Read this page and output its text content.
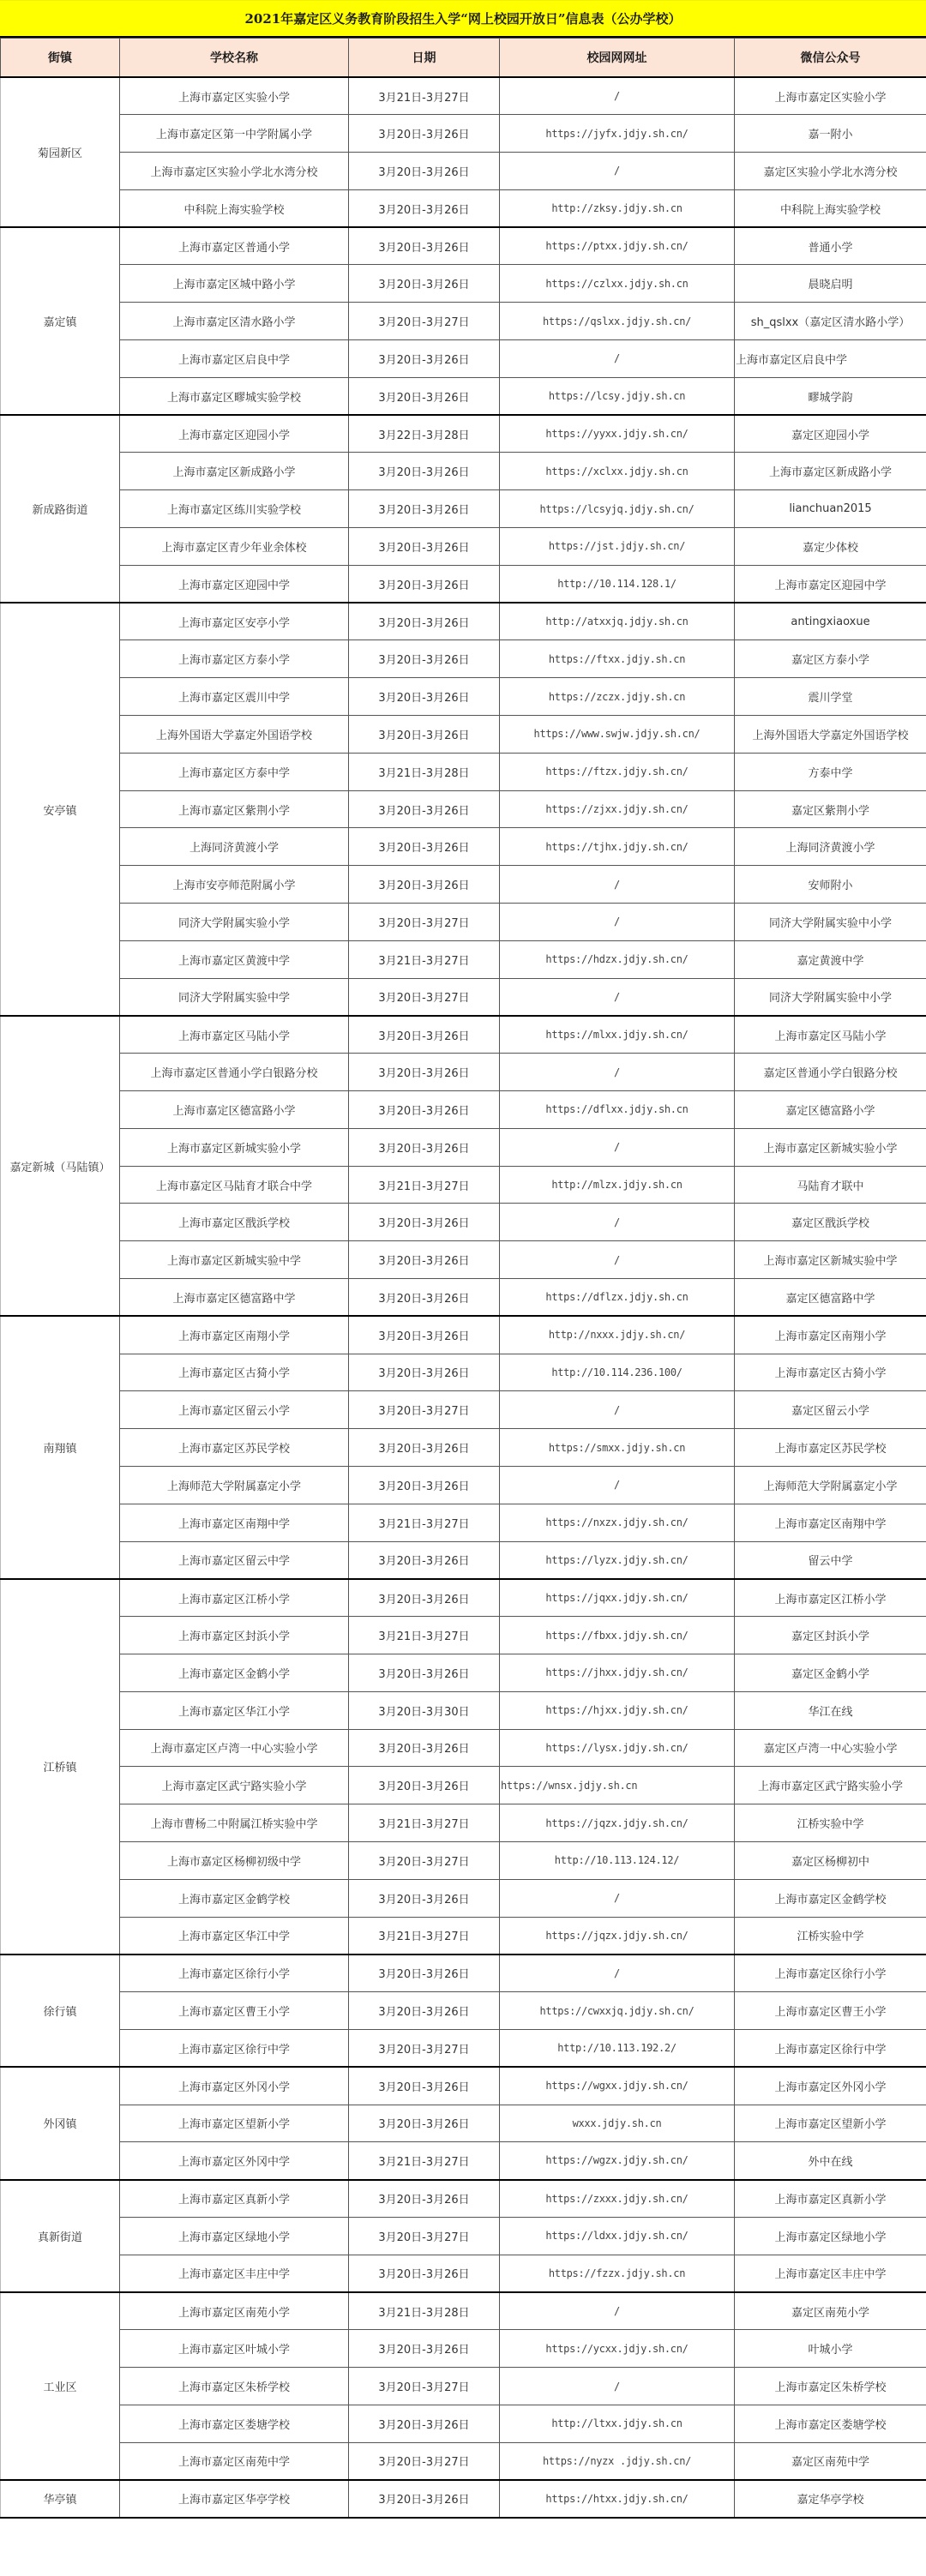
2021年嘉定区义务教育阶段招生入学“网上校园开放日”信息表（公办学校）
街镇	学校名称	日期	校园网网址	微信公众号
菊园新区	上海市嘉定区实验小学	3月21日-3月27日	/	上海市嘉定区实验小学
	上海市嘉定区第一中学附属小学	3月20日-3月26日	https://jyfx.jdjy.sh.cn/	嘉一附小
	上海市嘉定区实验小学北水湾分校	3月20日-3月26日	/	嘉定区实验小学北水湾分校
	中科院上海实验学校	3月20日-3月26日	http://zksy.jdjy.sh.cn	中科院上海实验学校
嘉定镇	上海市嘉定区普通小学	3月20日-3月26日	https://ptxx.jdjy.sh.cn/	普通小学
	上海市嘉定区城中路小学	3月20日-3月26日	https://czlxx.jdjy.sh.cn	晨晓启明
	上海市嘉定区清水路小学	3月20日-3月27日	https://qslxx.jdjy.sh.cn/	sh_qslxx（嘉定区清水路小学）
	上海市嘉定区启良中学	3月20日-3月26日	/	上海市嘉定区启良中学
	上海市嘉定区疁城实验学校	3月20日-3月26日	https://lcsy.jdjy.sh.cn	疁城学韵
新成路街道	上海市嘉定区迎园小学	3月22日-3月28日	https://yyxx.jdjy.sh.cn/	嘉定区迎园小学
	上海市嘉定区新成路小学	3月20日-3月26日	https://xclxx.jdjy.sh.cn	上海市嘉定区新成路小学
	上海市嘉定区练川实验学校	3月20日-3月26日	https://lcsyjq.jdjy.sh.cn/	lianchuan2015
	上海市嘉定区青少年业余体校	3月20日-3月26日	https://jst.jdjy.sh.cn/	嘉定少体校
	上海市嘉定区迎园中学	3月20日-3月26日	http://10.114.128.1/	上海市嘉定区迎园中学
安亭镇	上海市嘉定区安亭小学	3月20日-3月26日	http://atxxjq.jdjy.sh.cn	antingxiaoxue
	上海市嘉定区方泰小学	3月20日-3月26日	https://ftxx.jdjy.sh.cn	嘉定区方泰小学
	上海市嘉定区震川中学	3月20日-3月26日	https://zczx.jdjy.sh.cn	震川学堂
	上海外国语大学嘉定外国语学校	3月20日-3月26日	https://www.swjw.jdjy.sh.cn/	上海外国语大学嘉定外国语学校
	上海市嘉定区方泰中学	3月21日-3月28日	https://ftzx.jdjy.sh.cn/	方泰中学
	上海市嘉定区紫荆小学	3月20日-3月26日	https://zjxx.jdjy.sh.cn/	嘉定区紫荆小学
	上海同济黄渡小学	3月20日-3月26日	https://tjhx.jdjy.sh.cn/	上海同济黄渡小学
	上海市安亭师范附属小学	3月20日-3月26日	/	安师附小
	同济大学附属实验小学	3月20日-3月27日	/	同济大学附属实验中小学
	上海市嘉定区黄渡中学	3月21日-3月27日	https://hdzx.jdjy.sh.cn/	嘉定黄渡中学
	同济大学附属实验中学	3月20日-3月27日	/	同济大学附属实验中小学
嘉定新城（马陆镇）	上海市嘉定区马陆小学	3月20日-3月26日	https://mlxx.jdjy.sh.cn/	上海市嘉定区马陆小学
	上海市嘉定区普通小学白银路分校	3月20日-3月26日	/	嘉定区普通小学白银路分校
	上海市嘉定区德富路小学	3月20日-3月26日	https://dflxx.jdjy.sh.cn	嘉定区德富路小学
	上海市嘉定区新城实验小学	3月20日-3月26日	/	上海市嘉定区新城实验小学
	上海市嘉定区马陆育才联合中学	3月21日-3月27日	http://mlzx.jdjy.sh.cn	马陆育才联中
	上海市嘉定区戬浜学校	3月20日-3月26日	/	嘉定区戬浜学校
	上海市嘉定区新城实验中学	3月20日-3月26日	/	上海市嘉定区新城实验中学
	上海市嘉定区德富路中学	3月20日-3月26日	https://dflzx.jdjy.sh.cn	嘉定区德富路中学
南翔镇	上海市嘉定区南翔小学	3月20日-3月26日	http://nxxx.jdjy.sh.cn/	上海市嘉定区南翔小学
	上海市嘉定区古猗小学	3月20日-3月26日	http://10.114.236.100/	上海市嘉定区古猗小学
	上海市嘉定区留云小学	3月20日-3月27日	/	嘉定区留云小学
	上海市嘉定区苏民学校	3月20日-3月26日	https://smxx.jdjy.sh.cn	上海市嘉定区苏民学校
	上海师范大学附属嘉定小学	3月20日-3月26日	/	上海师范大学附属嘉定小学
	上海市嘉定区南翔中学	3月21日-3月27日	https://nxzx.jdjy.sh.cn/	上海市嘉定区南翔中学
	上海市嘉定区留云中学	3月20日-3月26日	https://lyzx.jdjy.sh.cn/	留云中学
江桥镇	上海市嘉定区江桥小学	3月20日-3月26日	https://jqxx.jdjy.sh.cn/	上海市嘉定区江桥小学
	上海市嘉定区封浜小学	3月21日-3月27日	https://fbxx.jdjy.sh.cn/	嘉定区封浜小学
	上海市嘉定区金鹤小学	3月20日-3月26日	https://jhxx.jdjy.sh.cn/	嘉定区金鹤小学
	上海市嘉定区华江小学	3月20日-3月30日	https://hjxx.jdjy.sh.cn/	华江在线
	上海市嘉定区卢湾一中心实验小学	3月20日-3月26日	https://lysx.jdjy.sh.cn/	嘉定区卢湾一中心实验小学
	上海市嘉定区武宁路实验小学	3月20日-3月26日	https://wnsx.jdjy.sh.cn	上海市嘉定区武宁路实验小学
	上海市曹杨二中附属江桥实验中学	3月21日-3月27日	https://jqzx.jdjy.sh.cn/	江桥实验中学
	上海市嘉定区杨柳初级中学	3月20日-3月27日	http://10.113.124.12/	嘉定区杨柳初中
	上海市嘉定区金鹤学校	3月20日-3月26日	/	上海市嘉定区金鹤学校
	上海市嘉定区华江中学	3月21日-3月27日	https://jqzx.jdjy.sh.cn/	江桥实验中学
徐行镇	上海市嘉定区徐行小学	3月20日-3月26日	/	上海市嘉定区徐行小学
	上海市嘉定区曹王小学	3月20日-3月26日	https://cwxxjq.jdjy.sh.cn/	上海市嘉定区曹王小学
	上海市嘉定区徐行中学	3月20日-3月27日	http://10.113.192.2/	上海市嘉定区徐行中学
外冈镇	上海市嘉定区外冈小学	3月20日-3月26日	https://wgxx.jdjy.sh.cn/	上海市嘉定区外冈小学
	上海市嘉定区望新小学	3月20日-3月26日	wxxx.jdjy.sh.cn	上海市嘉定区望新小学
	上海市嘉定区外冈中学	3月21日-3月27日	https://wgzx.jdjy.sh.cn/	外中在线
真新街道	上海市嘉定区真新小学	3月20日-3月26日	https://zxxx.jdjy.sh.cn/	上海市嘉定区真新小学
	上海市嘉定区绿地小学	3月20日-3月27日	https://ldxx.jdjy.sh.cn/	上海市嘉定区绿地小学
	上海市嘉定区丰庄中学	3月20日-3月26日	https://fzzx.jdjy.sh.cn	上海市嘉定区丰庄中学
工业区	上海市嘉定区南苑小学	3月21日-3月28日	/	嘉定区南苑小学
	上海市嘉定区叶城小学	3月20日-3月26日	https://ycxx.jdjy.sh.cn/	叶城小学
	上海市嘉定区朱桥学校	3月20日-3月27日	/	上海市嘉定区朱桥学校
	上海市嘉定区娄塘学校	3月20日-3月26日	http://ltxx.jdjy.sh.cn	上海市嘉定区娄塘学校
	上海市嘉定区南苑中学	3月20日-3月27日	https://nyzx .jdjy.sh.cn/	嘉定区南苑中学
华亭镇	上海市嘉定区华亭学校	3月20日-3月26日	https://htxx.jdjy.sh.cn/	嘉定华亭学校
